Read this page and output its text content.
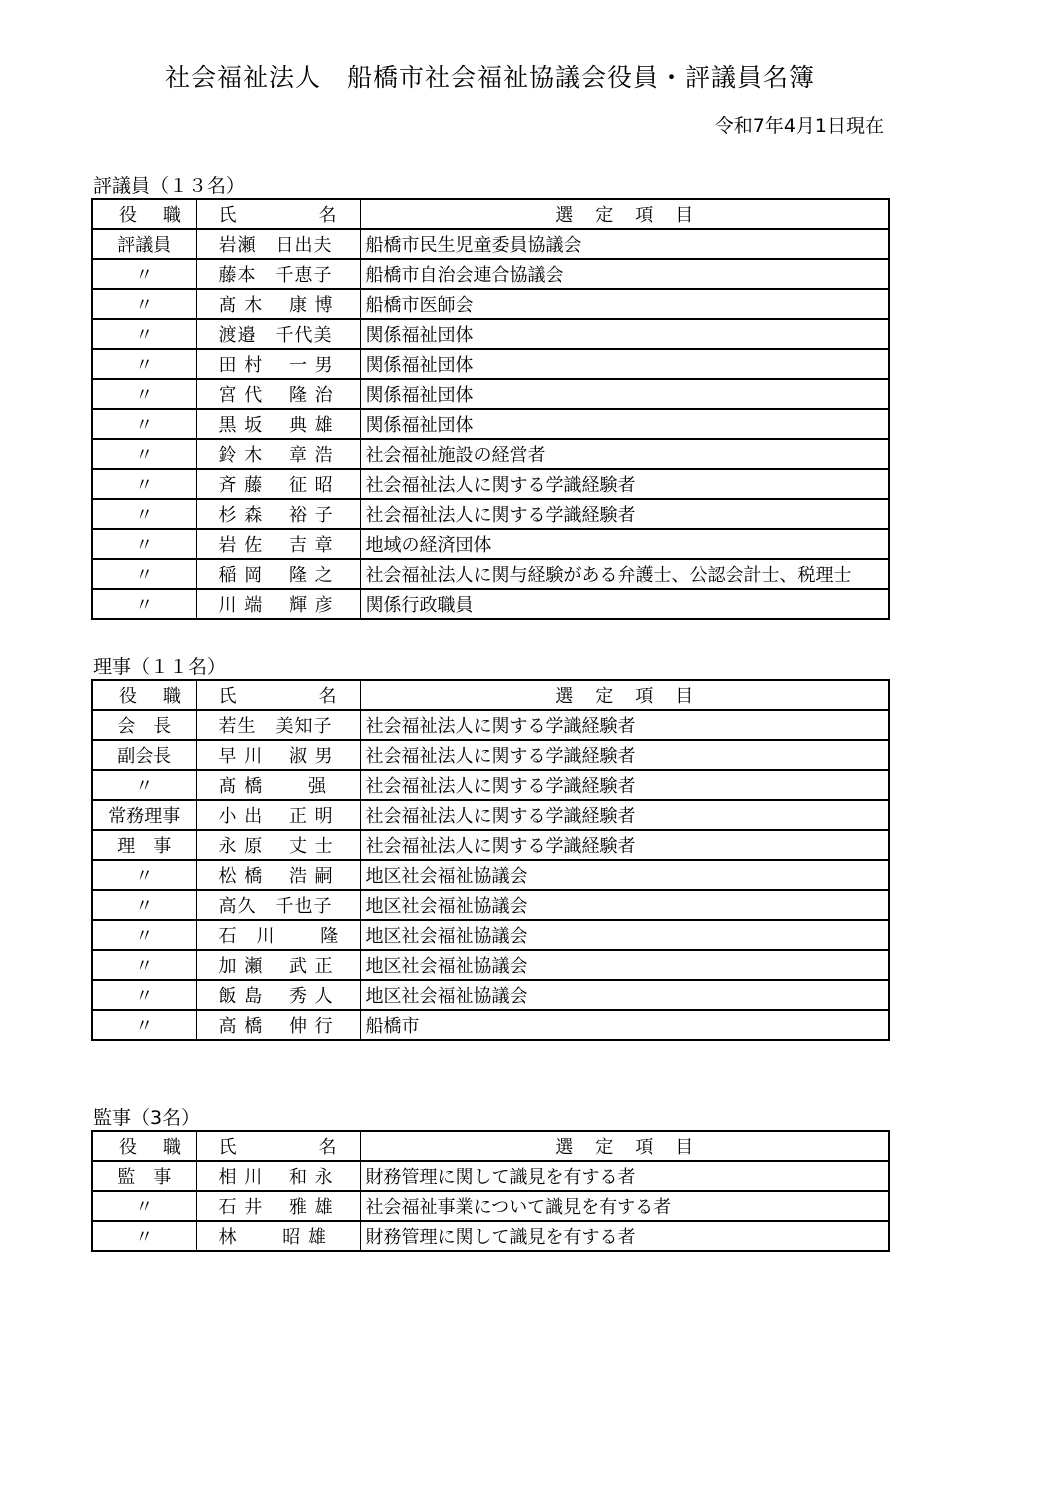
社会福祉法人　船橋市社会福祉協議会役員・評議員名簿
令和7年4月1日現在
評議員（１３名）
役職	氏 名	選定項目
評議員	岩瀬　日出夫	船橋市民生児童委員協議会
〃	藤本　千恵子	船橋市自治会連合協議会
〃	髙 木　 康 博	船橋市医師会
〃	渡邉　千代美	関係福祉団体
〃	田 村　 一 男	関係福祉団体
〃	宮 代　 隆 治	関係福祉団体
〃	黒 坂　 典 雄	関係福祉団体
〃	鈴 木　 章 浩	社会福祉施設の経営者
〃	斉 藤　 征 昭	社会福祉法人に関する学識経験者
〃	杉 森　 裕 子	社会福祉法人に関する学識経験者
〃	岩 佐　 吉 章	地域の経済団体
〃	稲 岡　 隆 之	社会福祉法人に関与経験がある弁護士、公認会計士、税理士
〃	川 端　 輝 彦	関係行政職員
理事（１１名）
役職	氏 名	選定項目
会　長	若生　美知子	社会福祉法人に関する学識経験者
副会長	早 川　 淑 男	社会福祉法人に関する学識経験者
〃	髙 橋　　 强	社会福祉法人に関する学識経験者
常務理事	小 出　 正 明	社会福祉法人に関する学識経験者
理　事	永 原　 丈 士	社会福祉法人に関する学識経験者
〃	松 橋　 浩 嗣	地区社会福祉協議会
〃	高久　千也子	地区社会福祉協議会
〃	石　川　　 隆	地区社会福祉協議会
〃	加 瀬　 武 正	地区社会福祉協議会
〃	飯 島　 秀 人	地区社会福祉協議会
〃	高 橋　 伸 行	船橋市
監事（3名）
役職	氏 名	選定項目
監　事	相 川　 和 永	財務管理に関して識見を有する者
〃	石 井　 雅 雄	社会福祉事業について識見を有する者
〃	林　　 昭 雄	財務管理に関して識見を有する者
